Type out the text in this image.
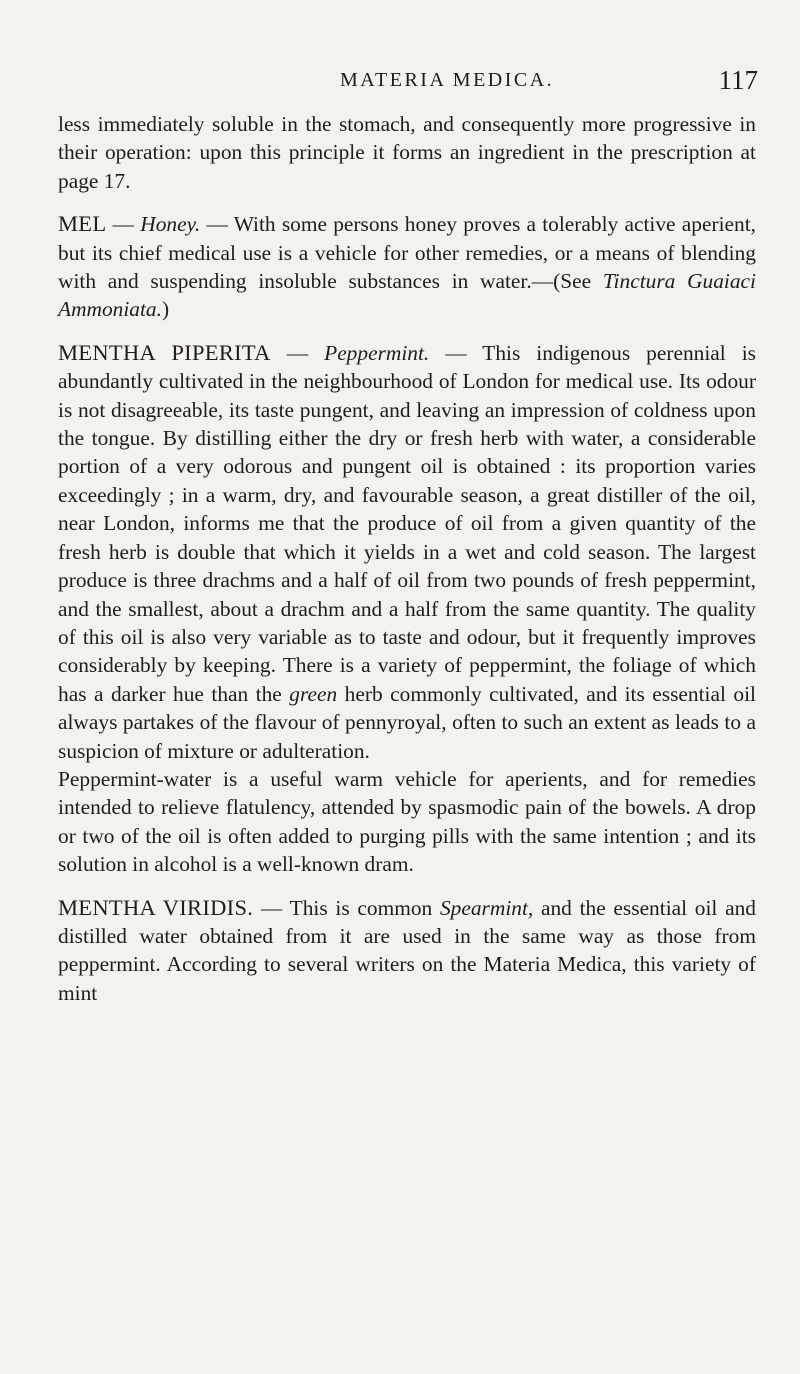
MATERIA MEDICA.	117

less immediately soluble in the stomach, and consequently more progressive in their operation: upon this principle it forms an ingredient in the prescription at page 17.

MEL — Honey. — With some persons honey proves a tolerably active aperient, but its chief medical use is a vehicle for other remedies, or a means of blending with and suspending insoluble substances in water.—(See Tinctura Guaiaci Ammoniata.)

MENTHA PIPERITA — Peppermint. — This indigenous perennial is abundantly cultivated in the neighbourhood of London for medical use. Its odour is not disagreeable, its taste pungent, and leaving an impression of coldness upon the tongue. By distilling either the dry or fresh herb with water, a considerable portion of a very odorous and pungent oil is obtained : its proportion varies exceedingly ; in a warm, dry, and favourable season, a great distiller of the oil, near London, informs me that the produce of oil from a given quantity of the fresh herb is double that which it yields in a wet and cold season. The largest produce is three drachms and a half of oil from two pounds of fresh peppermint, and the smallest, about a drachm and a half from the same quantity. The quality of this oil is also very variable as to taste and odour, but it frequently improves considerably by keeping. There is a variety of peppermint, the foliage of which has a darker hue than the green herb commonly cultivated, and its essential oil always partakes of the flavour of pennyroyal, often to such an extent as leads to a suspicion of mixture or adulteration.

Peppermint-water is a useful warm vehicle for aperients, and for remedies intended to relieve flatulency, attended by spasmodic pain of the bowels. A drop or two of the oil is often added to purging pills with the same intention ; and its solution in alcohol is a well-known dram.

MENTHA VIRIDIS. — This is common Spearmint, and the essential oil and distilled water obtained from it are used in the same way as those from peppermint. According to several writers on the Materia Medica, this variety of mint
